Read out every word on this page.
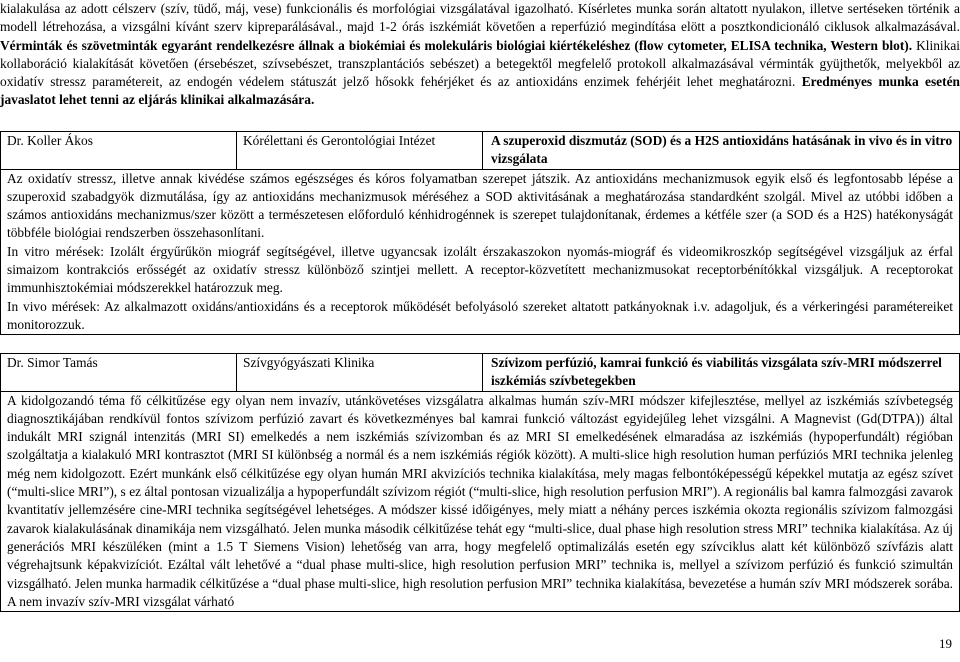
kialakulása az adott célszerv (szív, tüdő, máj, vese) funkcionális és morfológiai vizsgálatával igazolható. Kísérletes munka során altatott nyulakon, illetve sertéseken történik a modell létrehozása, a vizsgálni kívánt szerv kipreparálásával., majd 1-2 órás iszkémiát követően a reperfúzió megindítása elött a posztkondicionáló ciklusok alkalmazásával. Vérminták és szövetminták egyaránt rendelkezésre állnak a biokémiai és molekuláris biológiai kiértékeléshez (flow cytometer, ELISA technika, Western blot). Klinikai kollaboráció kialakítását követően (érsebészet, szívsebészet, transzplantációs sebészet) a betegektől megfelelő protokoll alkalmazásával vérminták gyüjthetők, melyekből az oxidatív stressz paramétereit, az endogén védelem státuszát jelző hősokk fehérjéket és az antioxidáns enzimek fehérjéit lehet meghatározni. Eredményes munka esetén javaslatot lehet tenni az eljárás klinikai alkalmazására.

Dr. Koller Ákos	Kórélettani és Gerontológiai Intézet	A szuperoxid diszmutáz (SOD) és a H2S antioxidáns hatásának in vivo és in vitro vizsgálata

Az oxidatív stressz, illetve annak kivédése számos egészséges és kóros folyamatban szerepet játszik. Az antioxidáns mechanizmusok egyik első és legfontosabb lépése a szuperoxid szabadgyök dizmutálása, így az antioxidáns mechanizmusok méréséhez a SOD aktivitásának a meghatározása standardként szolgál. Mivel az utóbbi időben a számos antioxidáns mechanizmus/szer között a természetesen előforduló kénhidrogénnek is szerepet tulajdonítanak, érdemes a kétféle szer (a SOD és a H2S) hatékonyságát többféle biológiai rendszerben összehasonlítani.

In vitro mérések: Izolált érgyűrűkön miográf segítségével, illetve ugyancsak izolált érszakaszokon nyomás-miográf és videomikroszkóp segítségével vizsgáljuk az érfal simaizom kontrakciós erősségét az oxidatív stressz különböző szintjei mellett. A receptor-közvetített mechanizmusokat receptorbénítókkal vizsgáljuk. A receptorokat immunhisztokémiai módszerekkel határozzuk meg.

In vivo mérések: Az alkalmazott oxidáns/antioxidáns és a receptorok működését befolyásoló szereket altatott patkányoknak i.v. adagoljuk, és a vérkeringési paramétereiket monitorozzuk.

Dr. Simor Tamás	Szívgyógyászati Klinika	Szívizom perfúzió, kamrai funkció és viabilitás vizsgálata szív-MRI módszerrel iszkémiás szívbetegekben

A kidolgozandó téma fő célkitűzése egy olyan nem invazív, utánkövetéses vizsgálatra alkalmas humán szív-MRI módszer kifejlesztése, mellyel az iszkémiás szívbetegség diagnosztikájában rendkívül fontos szívizom perfúzió zavart és következményes bal kamrai funkció változást egyidejűleg lehet vizsgálni. A Magnevist (Gd(DTPA)) által indukált MRI szignál intenzitás (MRI SI) emelkedés a nem iszkémiás szívizomban és az MRI SI emelkedésének elmaradása az iszkémiás (hypoperfundált) régióban szolgáltatja a kialakuló MRI kontrasztot (MRI SI különbség a normál és a nem iszkémiás régiók között). A multi-slice high resolution human perfúziós MRI technika jelenleg még nem kidolgozott. Ezért munkánk első célkitűzése egy olyan humán MRI akvizíciós technika kialakítása, mely magas felbontóképességű képekkel mutatja az egész szívet (“multi-slice MRI”), s ez által pontosan vizualizálja a hypoperfundált szívizom régiót (“multi-slice, high resolution perfusion MRI”). A regionális bal kamra falmozgási zavarok kvantitatív jellemzésére cine-MRI technika segítségével lehetséges. A módszer kissé időigényes, mely miatt a néhány perces iszkémia okozta regionális szívizom falmozgási zavarok kialakulásának dinamikája nem vizsgálható. Jelen munka második célkitűzése tehát egy “multi-slice, dual phase high resolution stress MRI” technika kialakítása. Az új generációs MRI készüléken (mint a 1.5 T Siemens Vision) lehetőség van arra, hogy megfelelő optimalizálás esetén egy szívciklus alatt két különböző szívfázis alatt végrehajtsunk képakvizíciót. Ezáltal vált lehetővé a “dual phase multi-slice, high resolution perfusion MRI” technika is, mellyel a szívizom perfúzió és funkció szimultán vizsgálható. Jelen munka harmadik célkitűzése a “dual phase multi-slice, high resolution perfusion MRI” technika kialakítása, bevezetése a humán szív MRI módszerek sorába. A nem invazív szív-MRI vizsgálat várható

19
